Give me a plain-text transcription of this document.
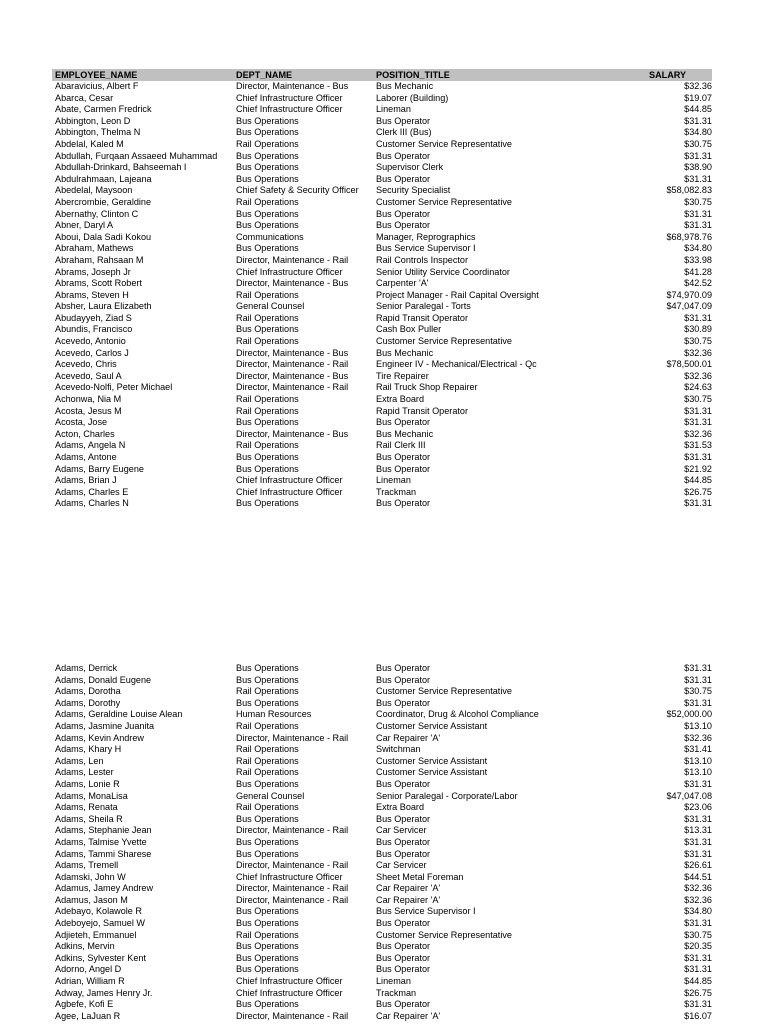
EMPLOYEE_NAME	DEPT_NAME	POSITION_TITLE	SALARY
Abaravicius, Albert F	Director, Maintenance - Bus	Bus Mechanic	$32.36
Abarca, Cesar	Chief Infrastructure Officer	Laborer (Building)	$19.07
Abate, Carmen Fredrick	Chief Infrastructure Officer	Lineman	$44.85
Abbington, Leon D	Bus Operations	Bus Operator	$31.31
Abbington, Thelma N	Bus Operations	Clerk III (Bus)	$34.80
Abdelal, Kaled M	Rail Operations	Customer Service Representative	$30.75
Abdullah, Furqaan Assaeed Muhammad	Bus Operations	Bus Operator	$31.31
Abdullah-Drinkard, Bahseemah I	Bus Operations	Supervisor Clerk	$38.90
Abdulrahmaan, Lajeana	Bus Operations	Bus Operator	$31.31
Abedelal, Maysoon	Chief Safety & Security Officer	Security Specialist	$58,082.83
Abercrombie, Geraldine	Rail Operations	Customer Service Representative	$30.75
Abernathy, Clinton C	Bus Operations	Bus Operator	$31.31
Abner, Daryl A	Bus Operations	Bus Operator	$31.31
Aboui, Dala Sadi Kokou	Communications	Manager, Reprographics	$68,978.76
Abraham, Mathews	Bus Operations	Bus Service Supervisor I	$34.80
Abraham, Rahsaan M	Director, Maintenance - Rail	Rail Controls Inspector	$33.98
Abrams, Joseph Jr	Chief Infrastructure Officer	Senior Utility Service Coordinator	$41.28
Abrams, Scott Robert	Director, Maintenance - Bus	Carpenter 'A'	$42.52
Abrams, Steven H	Rail Operations	Project Manager - Rail Capital Oversight	$74,970.09
Absher, Laura Elizabeth	General Counsel	Senior Paralegal - Torts	$47,047.09
Abudayyeh, Ziad S	Rail Operations	Rapid Transit Operator	$31.31
Abundis, Francisco	Bus Operations	Cash Box Puller	$30.89
Acevedo, Antonio	Rail Operations	Customer Service Representative	$30.75
Acevedo, Carlos J	Director, Maintenance - Bus	Bus Mechanic	$32.36
Acevedo, Chris	Director, Maintenance - Rail	Engineer IV - Mechanical/Electrical - Qc	$78,500.01
Acevedo, Saul A	Director, Maintenance - Bus	Tire Repairer	$32.36
Acevedo-Nolfi, Peter Michael	Director, Maintenance - Rail	Rail Truck Shop Repairer	$24.63
Achonwa, Nia M	Rail Operations	Extra Board	$30.75
Acosta, Jesus M	Rail Operations	Rapid Transit Operator	$31.31
Acosta, Jose	Bus Operations	Bus Operator	$31.31
Acton, Charles	Director, Maintenance - Bus	Bus Mechanic	$32.36
Adams, Angela N	Rail Operations	Rail Clerk III	$31.53
Adams, Antone	Bus Operations	Bus Operator	$31.31
Adams, Barry Eugene	Bus Operations	Bus Operator	$21.92
Adams, Brian J	Chief Infrastructure Officer	Lineman	$44.85
Adams, Charles E	Chief Infrastructure Officer	Trackman	$26.75
Adams, Charles N	Bus Operations	Bus Operator	$31.31
Adams, Derrick	Bus Operations	Bus Operator	$31.31
Adams, Donald Eugene	Bus Operations	Bus Operator	$31.31
Adams, Dorotha	Rail Operations	Customer Service Representative	$30.75
Adams, Dorothy	Bus Operations	Bus Operator	$31.31
Adams, Geraldine Louise Alean	Human Resources	Coordinator, Drug & Alcohol Compliance	$52,000.00
Adams, Jasmine Juanita	Rail Operations	Customer Service Assistant	$13.10
Adams, Kevin Andrew	Director, Maintenance - Rail	Car Repairer 'A'	$32.36
Adams, Khary H	Rail Operations	Switchman	$31.41
Adams, Len	Rail Operations	Customer Service Assistant	$13.10
Adams, Lester	Rail Operations	Customer Service Assistant	$13.10
Adams, Lonie R	Bus Operations	Bus Operator	$31.31
Adams, MonaLisa	General Counsel	Senior Paralegal - Corporate/Labor	$47,047.08
Adams, Renata	Rail Operations	Extra Board	$23.06
Adams, Sheila R	Bus Operations	Bus Operator	$31.31
Adams, Stephanie Jean	Director, Maintenance - Rail	Car Servicer	$13.31
Adams, Talmise Yvette	Bus Operations	Bus Operator	$31.31
Adams, Tammi Sharese	Bus Operations	Bus Operator	$31.31
Adams, Tremell	Director, Maintenance - Rail	Car Servicer	$26.61
Adamski, John W	Chief Infrastructure Officer	Sheet Metal Foreman	$44.51
Adamus, Jamey Andrew	Director, Maintenance - Rail	Car Repairer 'A'	$32.36
Adamus, Jason M	Director, Maintenance - Rail	Car Repairer 'A'	$32.36
Adebayo, Kolawole R	Bus Operations	Bus Service Supervisor I	$34.80
Adeboyejo, Samuel W	Bus Operations	Bus Operator	$31.31
Adjieteh, Emmanuel	Rail Operations	Customer Service Representative	$30.75
Adkins, Mervin	Bus Operations	Bus Operator	$20.35
Adkins, Sylvester Kent	Bus Operations	Bus Operator	$31.31
Adorno, Angel D	Bus Operations	Bus Operator	$31.31
Adrian, William R	Chief Infrastructure Officer	Lineman	$44.85
Adway, James Henry Jr.	Chief Infrastructure Officer	Trackman	$26.75
Agbefe, Kofi E	Bus Operations	Bus Operator	$31.31
Agee, LaJuan R	Director, Maintenance - Rail	Car Repairer 'A'	$16.07
